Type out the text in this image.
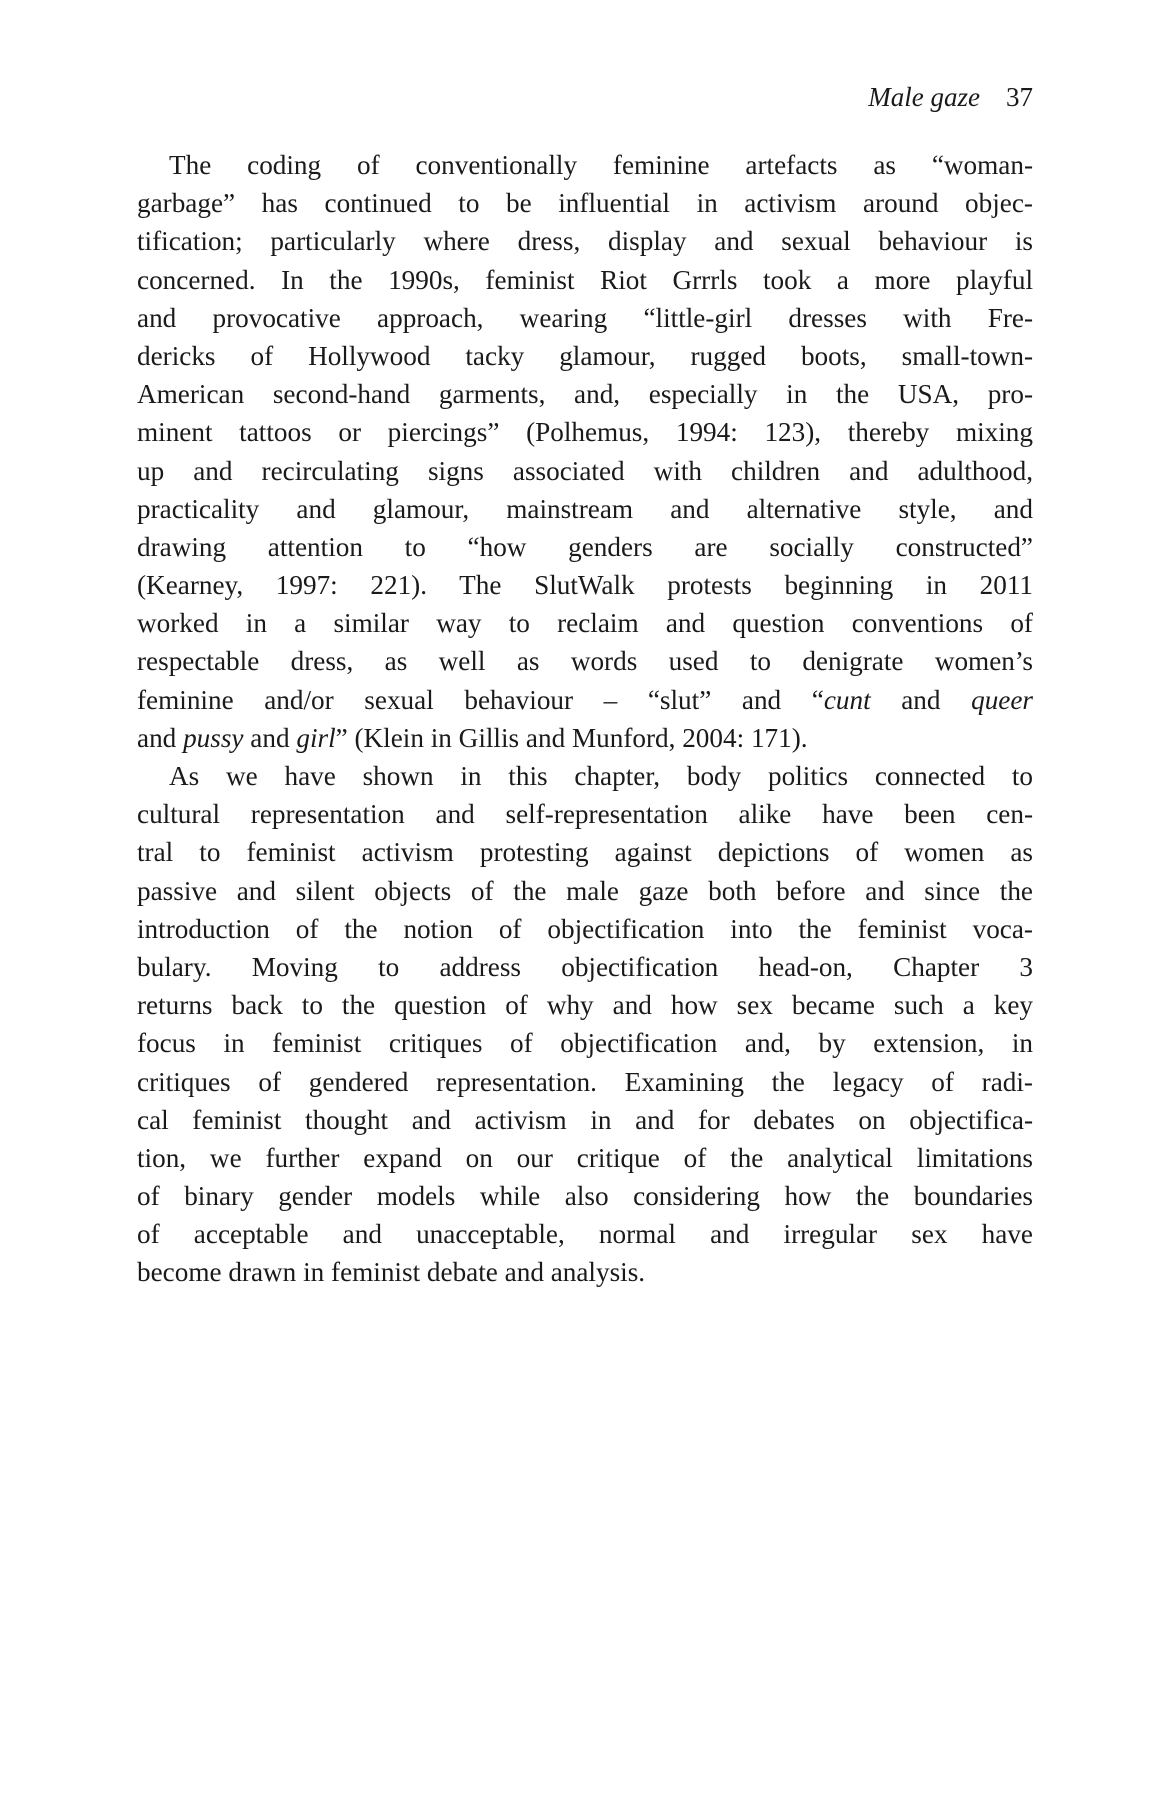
Male gaze 37
The coding of conventionally feminine artefacts as “woman-
garbage” has continued to be influential in activism around objec-
tification; particularly where dress, display and sexual behaviour is
concerned. In the 1990s, feminist Riot Grrrls took a more playful
and provocative approach, wearing “little-girl dresses with Fre-
dericks of Hollywood tacky glamour, rugged boots, small-town-
American second-hand garments, and, especially in the USA, pro-
minent tattoos or piercings” (Polhemus, 1994: 123), thereby mixing
up and recirculating signs associated with children and adulthood,
practicality and glamour, mainstream and alternative style, and
drawing attention to “how genders are socially constructed”
(Kearney, 1997: 221). The SlutWalk protests beginning in 2011
worked in a similar way to reclaim and question conventions of
respectable dress, as well as words used to denigrate women’s
feminine and/or sexual behaviour – “slut” and “cunt and queer
and pussy and girl” (Klein in Gillis and Munford, 2004: 171).
As we have shown in this chapter, body politics connected to
cultural representation and self-representation alike have been cen-
tral to feminist activism protesting against depictions of women as
passive and silent objects of the male gaze both before and since the
introduction of the notion of objectification into the feminist voca-
bulary. Moving to address objectification head-on, Chapter 3
returns back to the question of why and how sex became such a key
focus in feminist critiques of objectification and, by extension, in
critiques of gendered representation. Examining the legacy of radi-
cal feminist thought and activism in and for debates on objectifica-
tion, we further expand on our critique of the analytical limitations
of binary gender models while also considering how the boundaries
of acceptable and unacceptable, normal and irregular sex have
become drawn in feminist debate and analysis.
